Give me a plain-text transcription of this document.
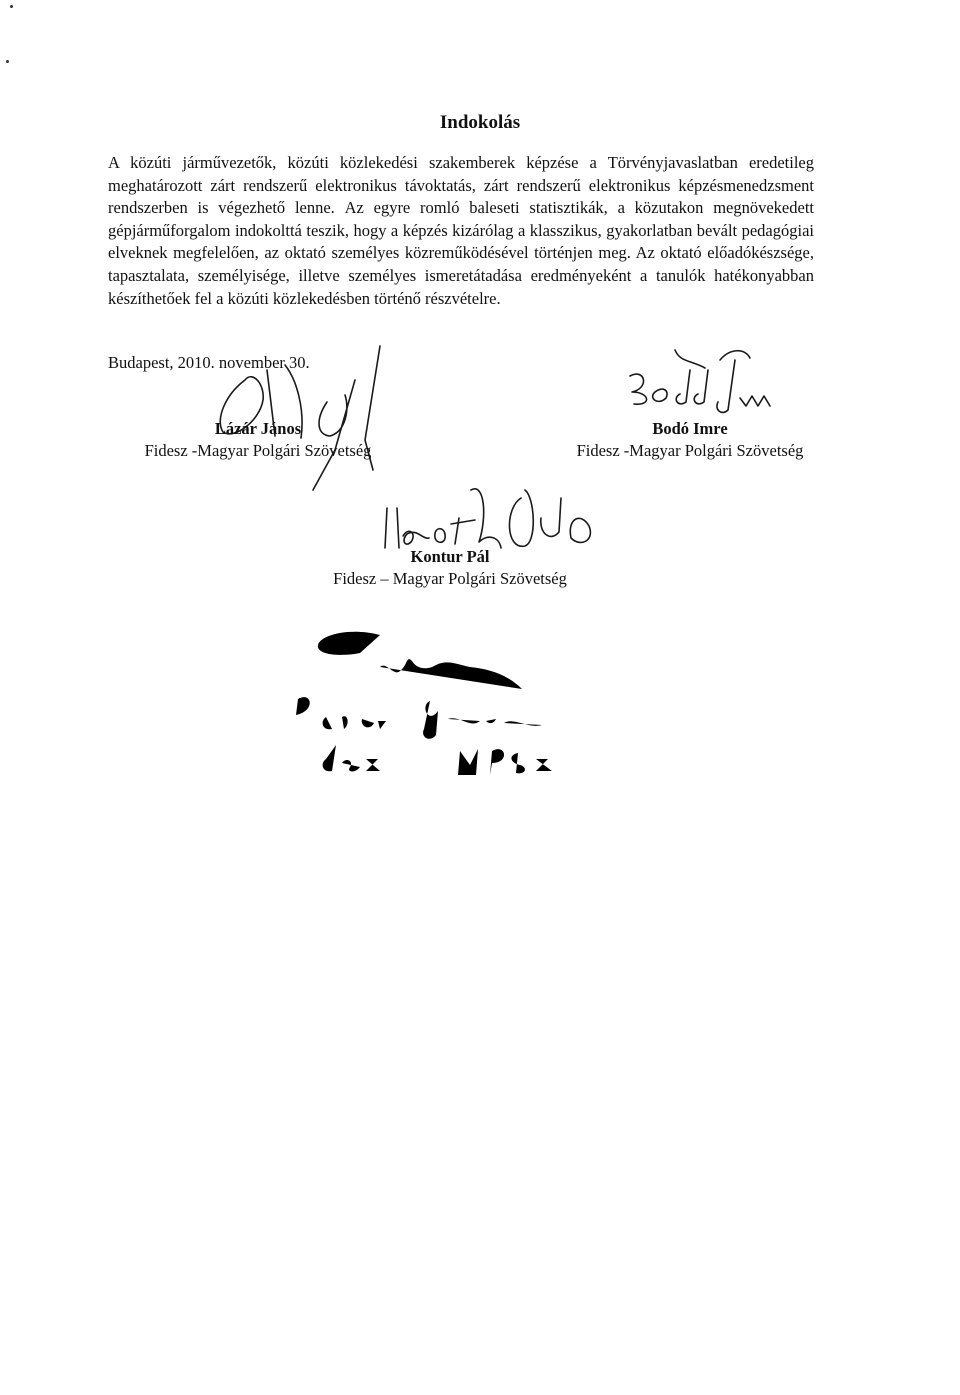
Indokolás

A közúti járművezetők, közúti közlekedési szakemberek képzése a Törvényjavaslatban eredetileg meghatározott zárt rendszerű elektronikus távoktatás, zárt rendszerű elektronikus képzésmenedzsment rendszerben is végezhető lenne.

Az egyre romló baleseti statisztikák, a közutakon megnövekedett gépjárműforgalom indokolttá teszik, hogy a képzés kizárólag a klasszikus, gyakorlatban bevált pedagógiai elveknek megfelelően, az oktató személyes közreműködésével történjen meg. Az oktató előadókészsége, tapasztalata, személyisége, illetve személyes ismeretátadása eredményeként a tanulók hatékonyabban készíthetőek fel a közúti közlekedésben történő részvételre.

Budapest, 2010. november 30.
Lázár János
Fidesz -Magyar Polgári Szövetség
Bodó Imre
Fidesz -Magyar Polgári Szövetség
Kontur Pál
Fidesz – Magyar Polgári Szövetség
